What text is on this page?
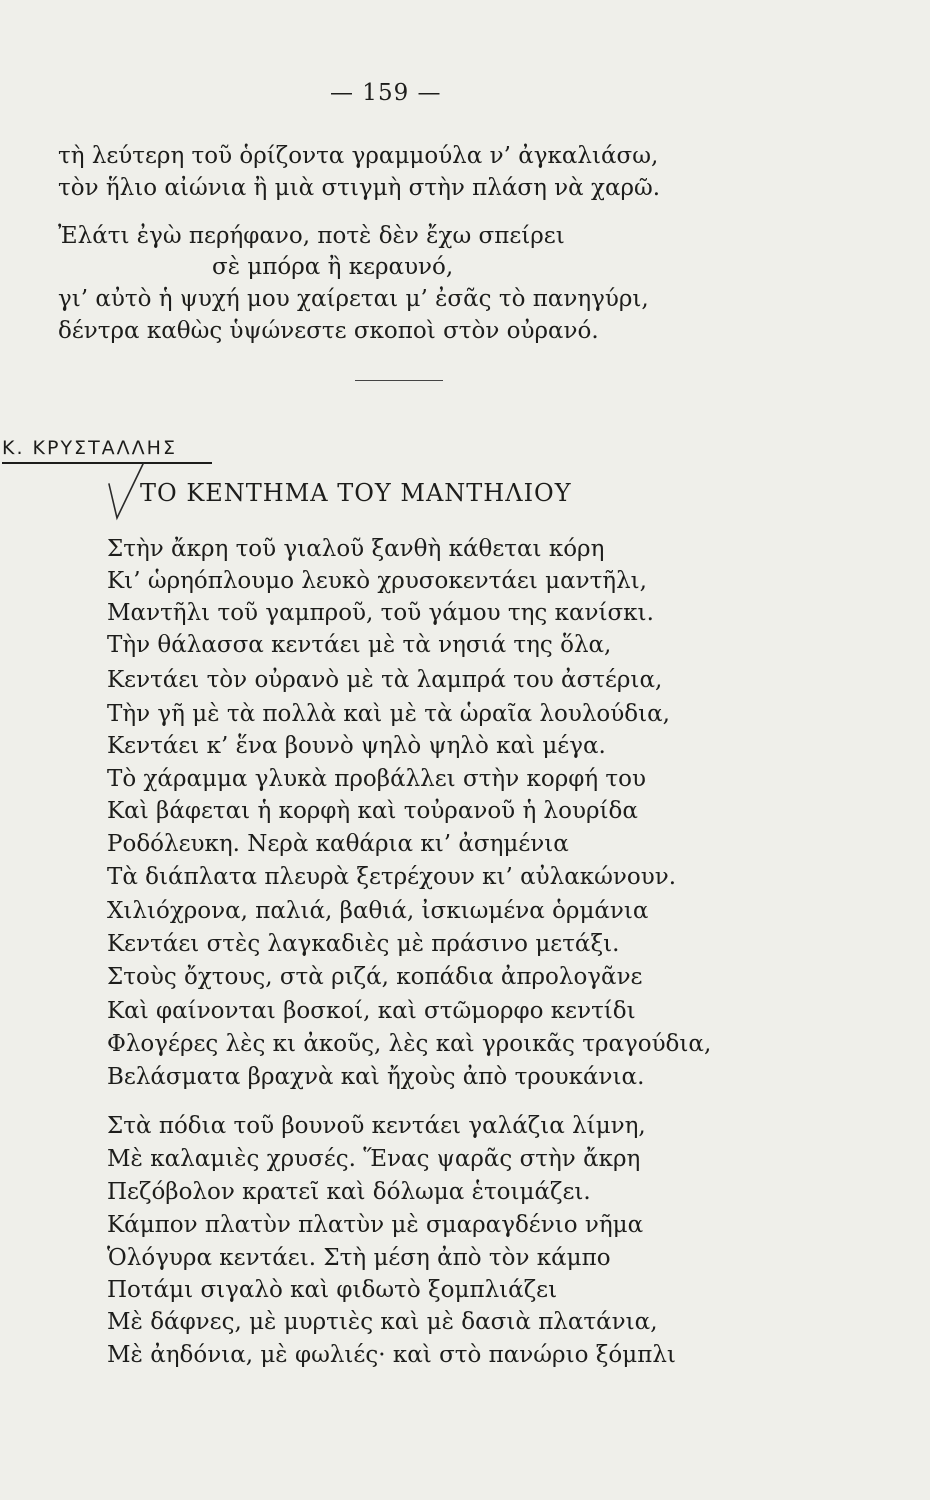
— 159 —
τὴ λεύτερη τοῦ ὁρίζοντα γραμμούλα ν’ ἀγκαλιάσω,
τὸν ἥλιο αἰώνια ἢ μιὰ στιγμὴ στὴν πλάση νὰ χαρῶ.
Ἐλάτι ἐγὼ περήφανο, ποτὲ δὲν ἔχω σπείρει
σὲ μπόρα ἢ κεραυνό,
γι’ αὐτὸ ἡ ψυχή μου χαίρεται μ’ ἐσᾶς τὸ πανηγύρι,
δέντρα καθὼς ὑψώνεστε σκοποὶ στὸν οὐρανό.
Κ. ΚΡΥΣΤΑΛΛΗΣ
ΤΟ ΚΕΝΤΗΜΑ ΤΟΥ ΜΑΝΤΗΛΙΟΥ
Στὴν ἄκρη τοῦ γιαλοῦ ξανθὴ κάθεται κόρη
Κι’ ὡρηόπλουμο λευκὸ χρυσοκεντάει μαντῆλι,
Μαντῆλι τοῦ γαμπροῦ, τοῦ γάμου της κανίσκι.
Τὴν θάλασσα κεντάει μὲ τὰ νησιά της ὅλα,
Κεντάει τὸν οὐρανὸ μὲ τὰ λαμπρά του ἀστέρια,
Τὴν γῆ μὲ τὰ πολλὰ καὶ μὲ τὰ ὡραῖα λουλούδια,
Κεντάει κ’ ἕνα βουνὸ ψηλὸ ψηλὸ καὶ μέγα.
Τὸ χάραμμα γλυκὰ προβάλλει στὴν κορφή του
Καὶ βάφεται ἡ κορφὴ καὶ τοὐρανοῦ ἡ λουρίδα
Ροδόλευκη. Νερὰ καθάρια κι’ ἀσημένια
Τὰ διάπλατα πλευρὰ ξετρέχουν κι’ αὐλακώνουν.
Χιλιόχρονα, παλιά, βαθιά, ἰσκιωμένα ὁρμάνια
Κεντάει στὲς λαγκαδιὲς μὲ πράσινο μετάξι.
Στοὺς ὄχτους, στὰ ριζά, κοπάδια ἀπρολογᾶνε
Καὶ φαίνονται βοσκοί, καὶ στῶμορφο κεντίδι
Φλογέρες λὲς κι ἀκοῦς, λὲς καὶ γροικᾶς τραγούδια,
Βελάσματα βραχνὰ καὶ ἤχοὺς ἀπὸ τρουκάνια.
Στὰ πόδια τοῦ βουνοῦ κεντάει γαλάζια λίμνη,
Μὲ καλαμιὲς χρυσές. Ἕνας ψαρᾶς στὴν ἄκρη
Πεζόβολον κρατεῖ καὶ δόλωμα ἑτοιμάζει.
Κάμπον πλατὺν πλατὺν μὲ σμαραγδένιο νῆμα
Ὁλόγυρα κεντάει. Στὴ μέση ἀπὸ τὸν κάμπο
Ποτάμι σιγαλὸ καὶ φιδωτὸ ξομπλιάζει
Μὲ δάφνες, μὲ μυρτιὲς καὶ μὲ δασιὰ πλατάνια,
Μὲ ἀηδόνια, μὲ φωλιές· καὶ στὸ πανώριο ξόμπλι
